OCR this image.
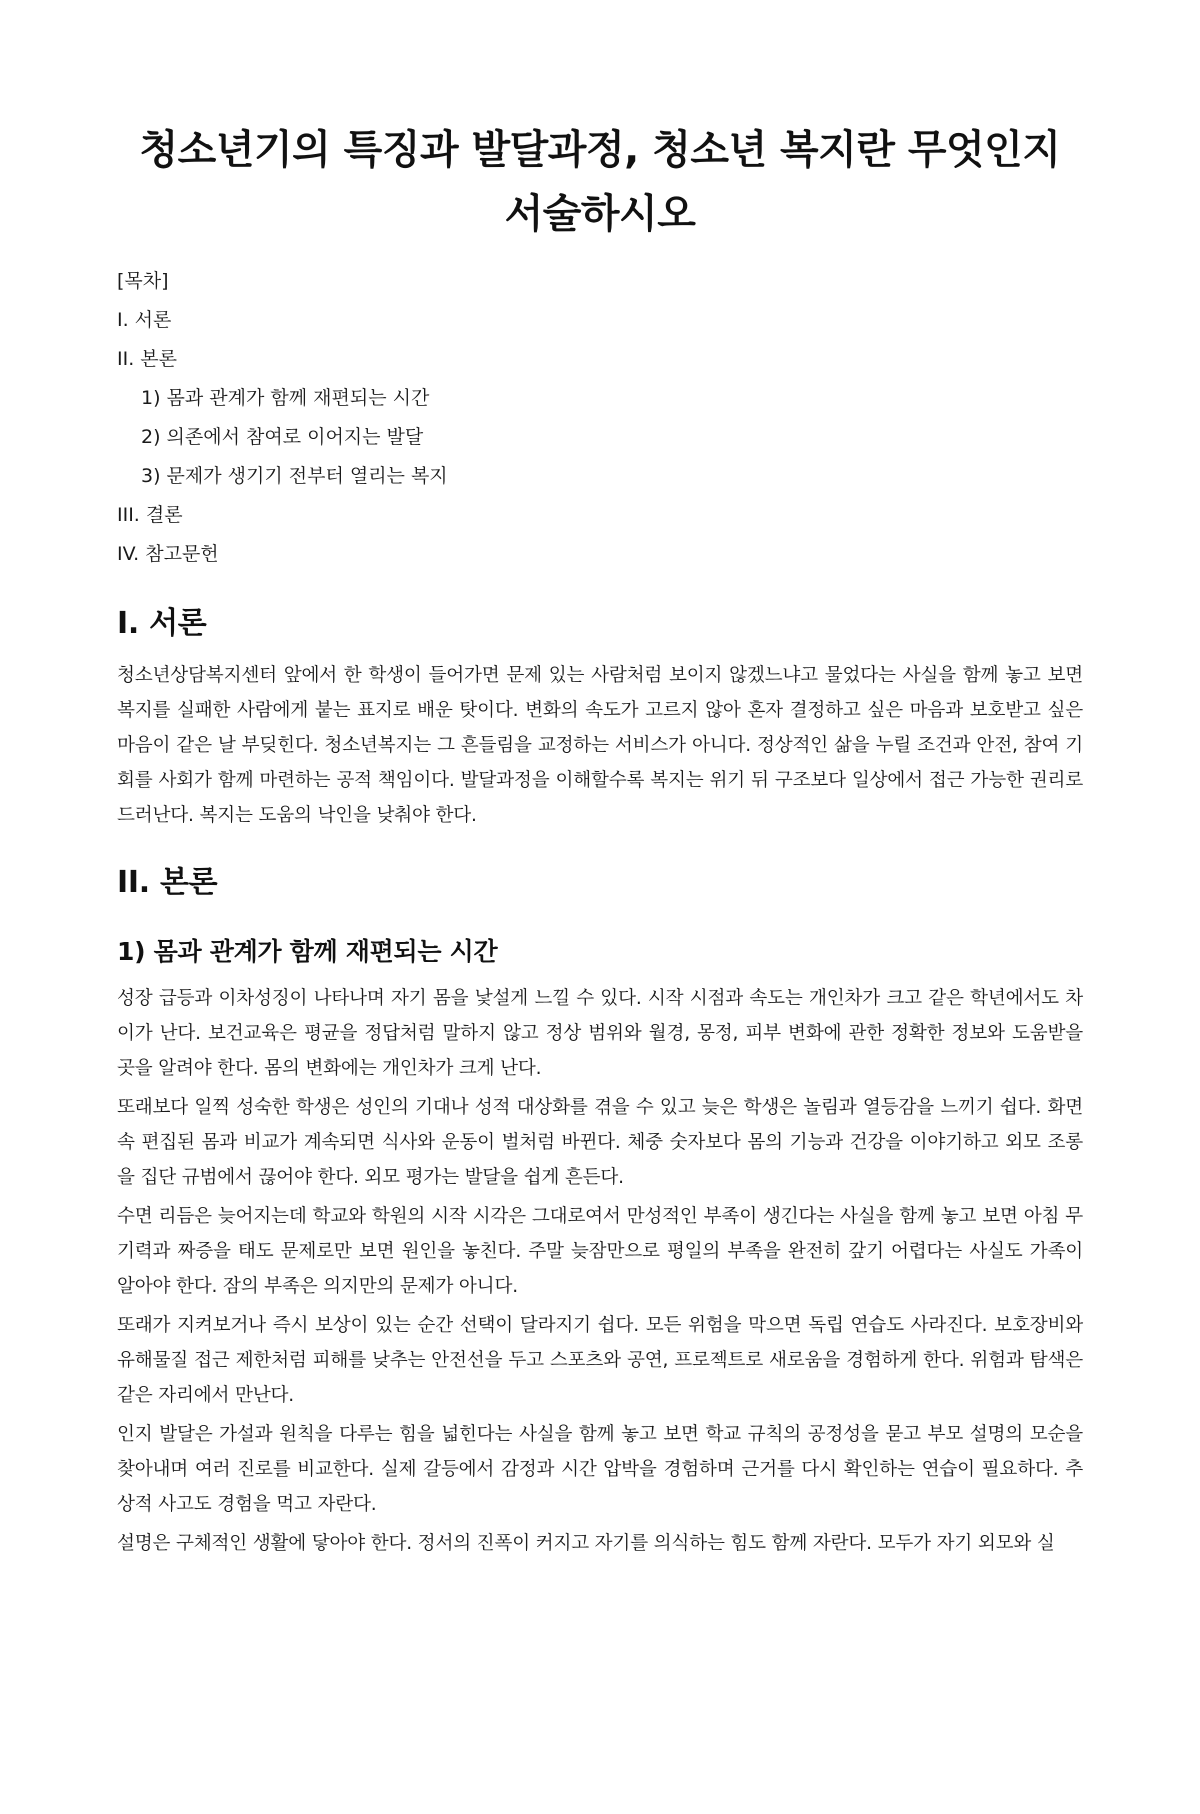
청소년기의 특징과 발달과정, 청소년 복지란 무엇인지 서술하시오
[목차]
I. 서론
II. 본론
1) 몸과 관계가 함께 재편되는 시간
2) 의존에서 참여로 이어지는 발달
3) 문제가 생기기 전부터 열리는 복지
III. 결론
IV. 참고문헌
I. 서론

청소년상담복지센터 앞에서 한 학생이 들어가면 문제 있는 사람처럼 보이지 않겠느냐고 물었다는 사실을 함께 놓고 보면 복지를 실패한 사람에게 붙는 표지로 배운 탓이다. 변화의 속도가 고르지 않아 혼자 결정하고 싶은 마음과 보호받고 싶은 마음이 같은 날 부딪힌다. 청소년복지는 그 흔들림을 교정하는 서비스가 아니다. 정상적인 삶을 누릴 조건과 안전, 참여 기회를 사회가 함께 마련하는 공적 책임이다. 발달과정을 이해할수록 복지는 위기 뒤 구조보다 일상에서 접근 가능한 권리로 드러난다. 복지는 도움의 낙인을 낮춰야 한다.

II. 본론
1) 몸과 관계가 함께 재편되는 시간

성장 급등과 이차성징이 나타나며 자기 몸을 낯설게 느낄 수 있다. 시작 시점과 속도는 개인차가 크고 같은 학년에서도 차이가 난다. 보건교육은 평균을 정답처럼 말하지 않고 정상 범위와 월경, 몽정, 피부 변화에 관한 정확한 정보와 도움받을 곳을 알려야 한다. 몸의 변화에는 개인차가 크게 난다.

또래보다 일찍 성숙한 학생은 성인의 기대나 성적 대상화를 겪을 수 있고 늦은 학생은 놀림과 열등감을 느끼기 쉽다. 화면 속 편집된 몸과 비교가 계속되면 식사와 운동이 벌처럼 바뀐다. 체중 숫자보다 몸의 기능과 건강을 이야기하고 외모 조롱을 집단 규범에서 끊어야 한다. 외모 평가는 발달을 쉽게 흔든다.

수면 리듬은 늦어지는데 학교와 학원의 시작 시각은 그대로여서 만성적인 부족이 생긴다는 사실을 함께 놓고 보면 아침 무기력과 짜증을 태도 문제로만 보면 원인을 놓친다. 주말 늦잠만으로 평일의 부족을 완전히 갚기 어렵다는 사실도 가족이 알아야 한다. 잠의 부족은 의지만의 문제가 아니다.

또래가 지켜보거나 즉시 보상이 있는 순간 선택이 달라지기 쉽다. 모든 위험을 막으면 독립 연습도 사라진다. 보호장비와 유해물질 접근 제한처럼 피해를 낮추는 안전선을 두고 스포츠와 공연, 프로젝트로 새로움을 경험하게 한다. 위험과 탐색은 같은 자리에서 만난다.

인지 발달은 가설과 원칙을 다루는 힘을 넓힌다는 사실을 함께 놓고 보면 학교 규칙의 공정성을 묻고 부모 설명의 모순을 찾아내며 여러 진로를 비교한다. 실제 갈등에서 감정과 시간 압박을 경험하며 근거를 다시 확인하는 연습이 필요하다. 추상적 사고도 경험을 먹고 자란다.

설명은 구체적인 생활에 닿아야 한다. 정서의 진폭이 커지고 자기를 의식하는 힘도 함께 자란다. 모두가 자기 외모와 실
